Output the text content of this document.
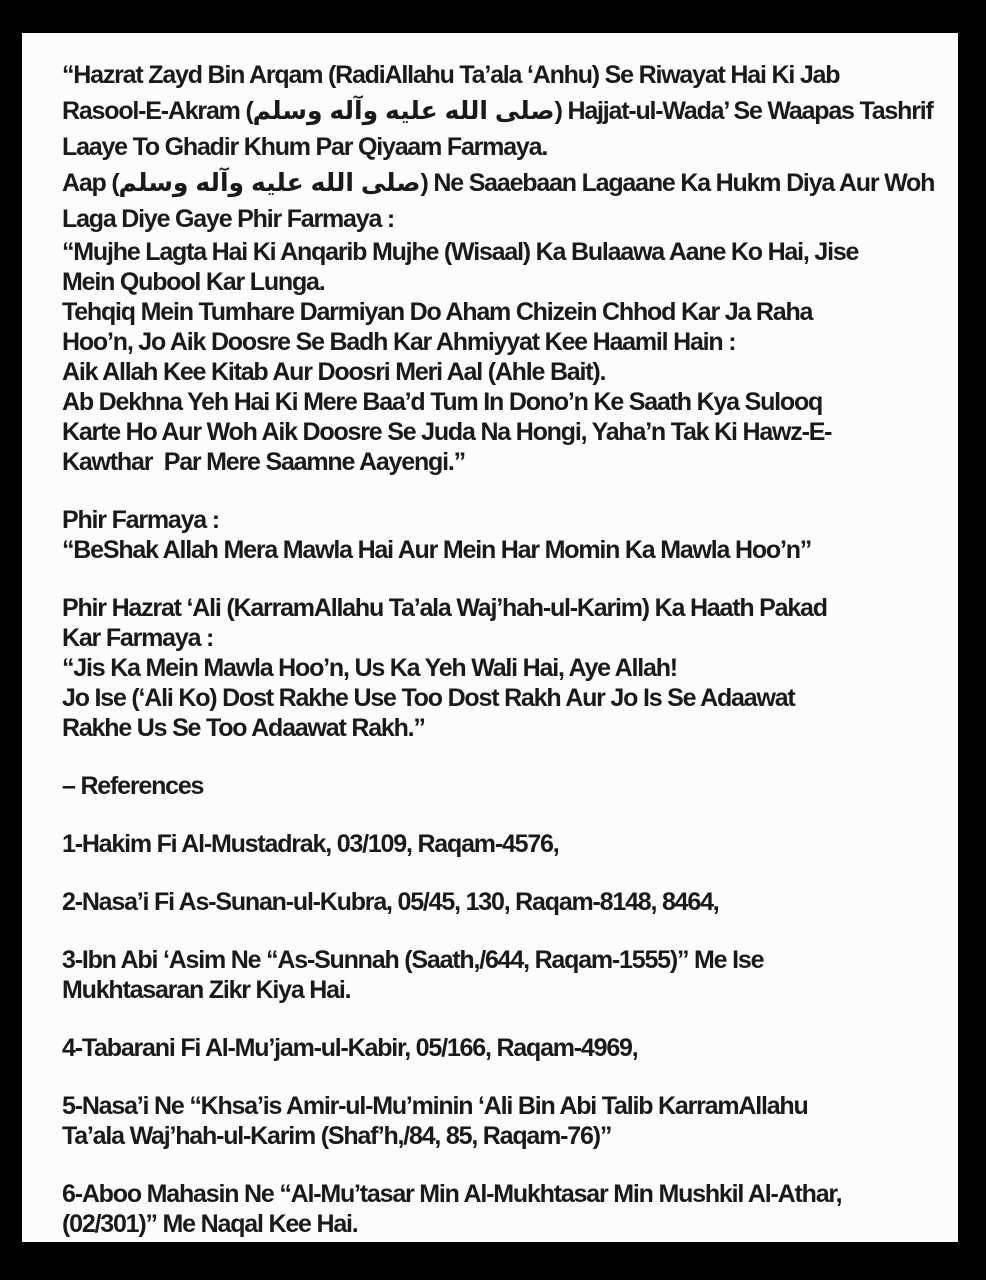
“Hazrat Zayd Bin Arqam (RadiAllahu Ta’ala ‘Anhu) Se Riwayat Hai Ki Jab
Rasool-E-Akram (صلى الله عليه وآله وسلم) Hajjat-ul-Wada’ Se Waapas Tashrif
Laaye To Ghadir Khum Par Qiyaam Farmaya.
Aap (صلى الله عليه وآله وسلم) Ne Saaebaan Lagaane Ka Hukm Diya Aur Woh
Laga Diye Gaye Phir Farmaya :
“Mujhe Lagta Hai Ki Anqarib Mujhe (Wisaal) Ka Bulaawa Aane Ko Hai, Jise
Mein Qubool Kar Lunga.
Tehqiq Mein Tumhare Darmiyan Do Aham Chizein Chhod Kar Ja Raha
Hoo’n, Jo Aik Doosre Se Badh Kar Ahmiyyat Kee Haamil Hain :
Aik Allah Kee Kitab Aur Doosri Meri Aal (Ahle Bait).
Ab Dekhna Yeh Hai Ki Mere Baa’d Tum In Dono’n Ke Saath Kya Sulooq
Karte Ho Aur Woh Aik Doosre Se Juda Na Hongi, Yaha’n Tak Ki Hawz-E-
Kawthar  Par Mere Saamne Aayengi.”
Phir Farmaya :
“BeShak Allah Mera Mawla Hai Aur Mein Har Momin Ka Mawla Hoo’n”
Phir Hazrat ‘Ali (KarramAllahu Ta’ala Waj’hah-ul-Karim) Ka Haath Pakad
Kar Farmaya :
“Jis Ka Mein Mawla Hoo’n, Us Ka Yeh Wali Hai, Aye Allah!
Jo Ise (‘Ali Ko) Dost Rakhe Use Too Dost Rakh Aur Jo Is Se Adaawat
Rakhe Us Se Too Adaawat Rakh.”
– References
1-Hakim Fi Al-Mustadrak, 03/109, Raqam-4576,
2-Nasa’i Fi As-Sunan-ul-Kubra, 05/45, 130, Raqam-8148, 8464,
3-Ibn Abi ‘Asim Ne “As-Sunnah (Saath,/644, Raqam-1555)” Me Ise
Mukhtasaran Zikr Kiya Hai.
4-Tabarani Fi Al-Mu’jam-ul-Kabir, 05/166, Raqam-4969,
5-Nasa’i Ne “Khsa’is Amir-ul-Mu’minin ‘Ali Bin Abi Talib KarramAllahu
Ta’ala Waj’hah-ul-Karim (Shaf’h,/84, 85, Raqam-76)”
6-Aboo Mahasin Ne “Al-Mu’tasar Min Al-Mukhtasar Min Mushkil Al-Athar,
(02/301)” Me Naqal Kee Hai.
